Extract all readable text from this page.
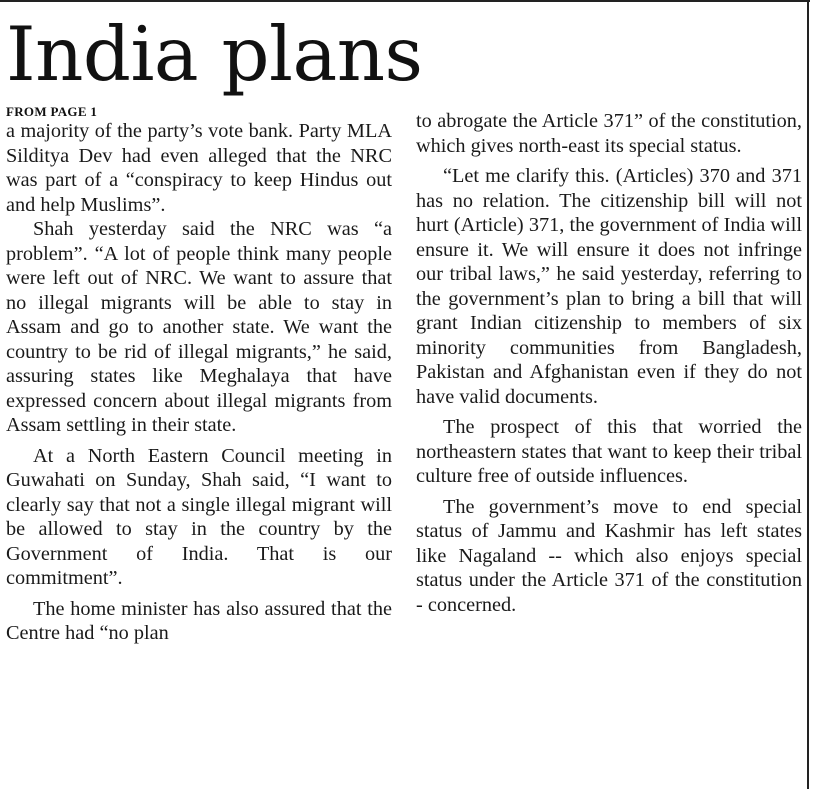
India plans
FROM PAGE 1

a majority of the party’s vote bank. Party MLA Silditya Dev had even alleged that the NRC was part of a “conspiracy to keep Hindus out and help Muslims”.

Shah yesterday said the NRC was “a problem”. “A lot of people think many people were left out of NRC. We want to assure that no illegal migrants will be able to stay in Assam and go to another state. We want the country to be rid of illegal migrants,” he said, assuring states like Meghalaya that have expressed concern about illegal migrants from Assam settling in their state.

At a North Eastern Council meeting in Guwahati on Sunday, Shah said, “I want to clearly say that not a single illegal migrant will be allowed to stay in the country by the Government of India. That is our commitment”.

The home minister has also assured that the Centre had “no plan

to abrogate the Article 371” of the constitution, which gives north-east its special status.

“Let me clarify this. (Articles) 370 and 371 has no relation. The citizenship bill will not hurt (Article) 371, the government of India will ensure it. We will ensure it does not infringe our tribal laws,” he said yesterday, referring to the government’s plan to bring a bill that will grant Indian citizenship to members of six minority communities from Bangladesh, Pakistan and Afghanistan even if they do not have valid documents.

The prospect of this that worried the northeastern states that want to keep their tribal culture free of outside influences.

The government’s move to end special status of Jammu and Kashmir has left states like Nagaland -- which also enjoys special status under the Article 371 of the constitution - concerned.
